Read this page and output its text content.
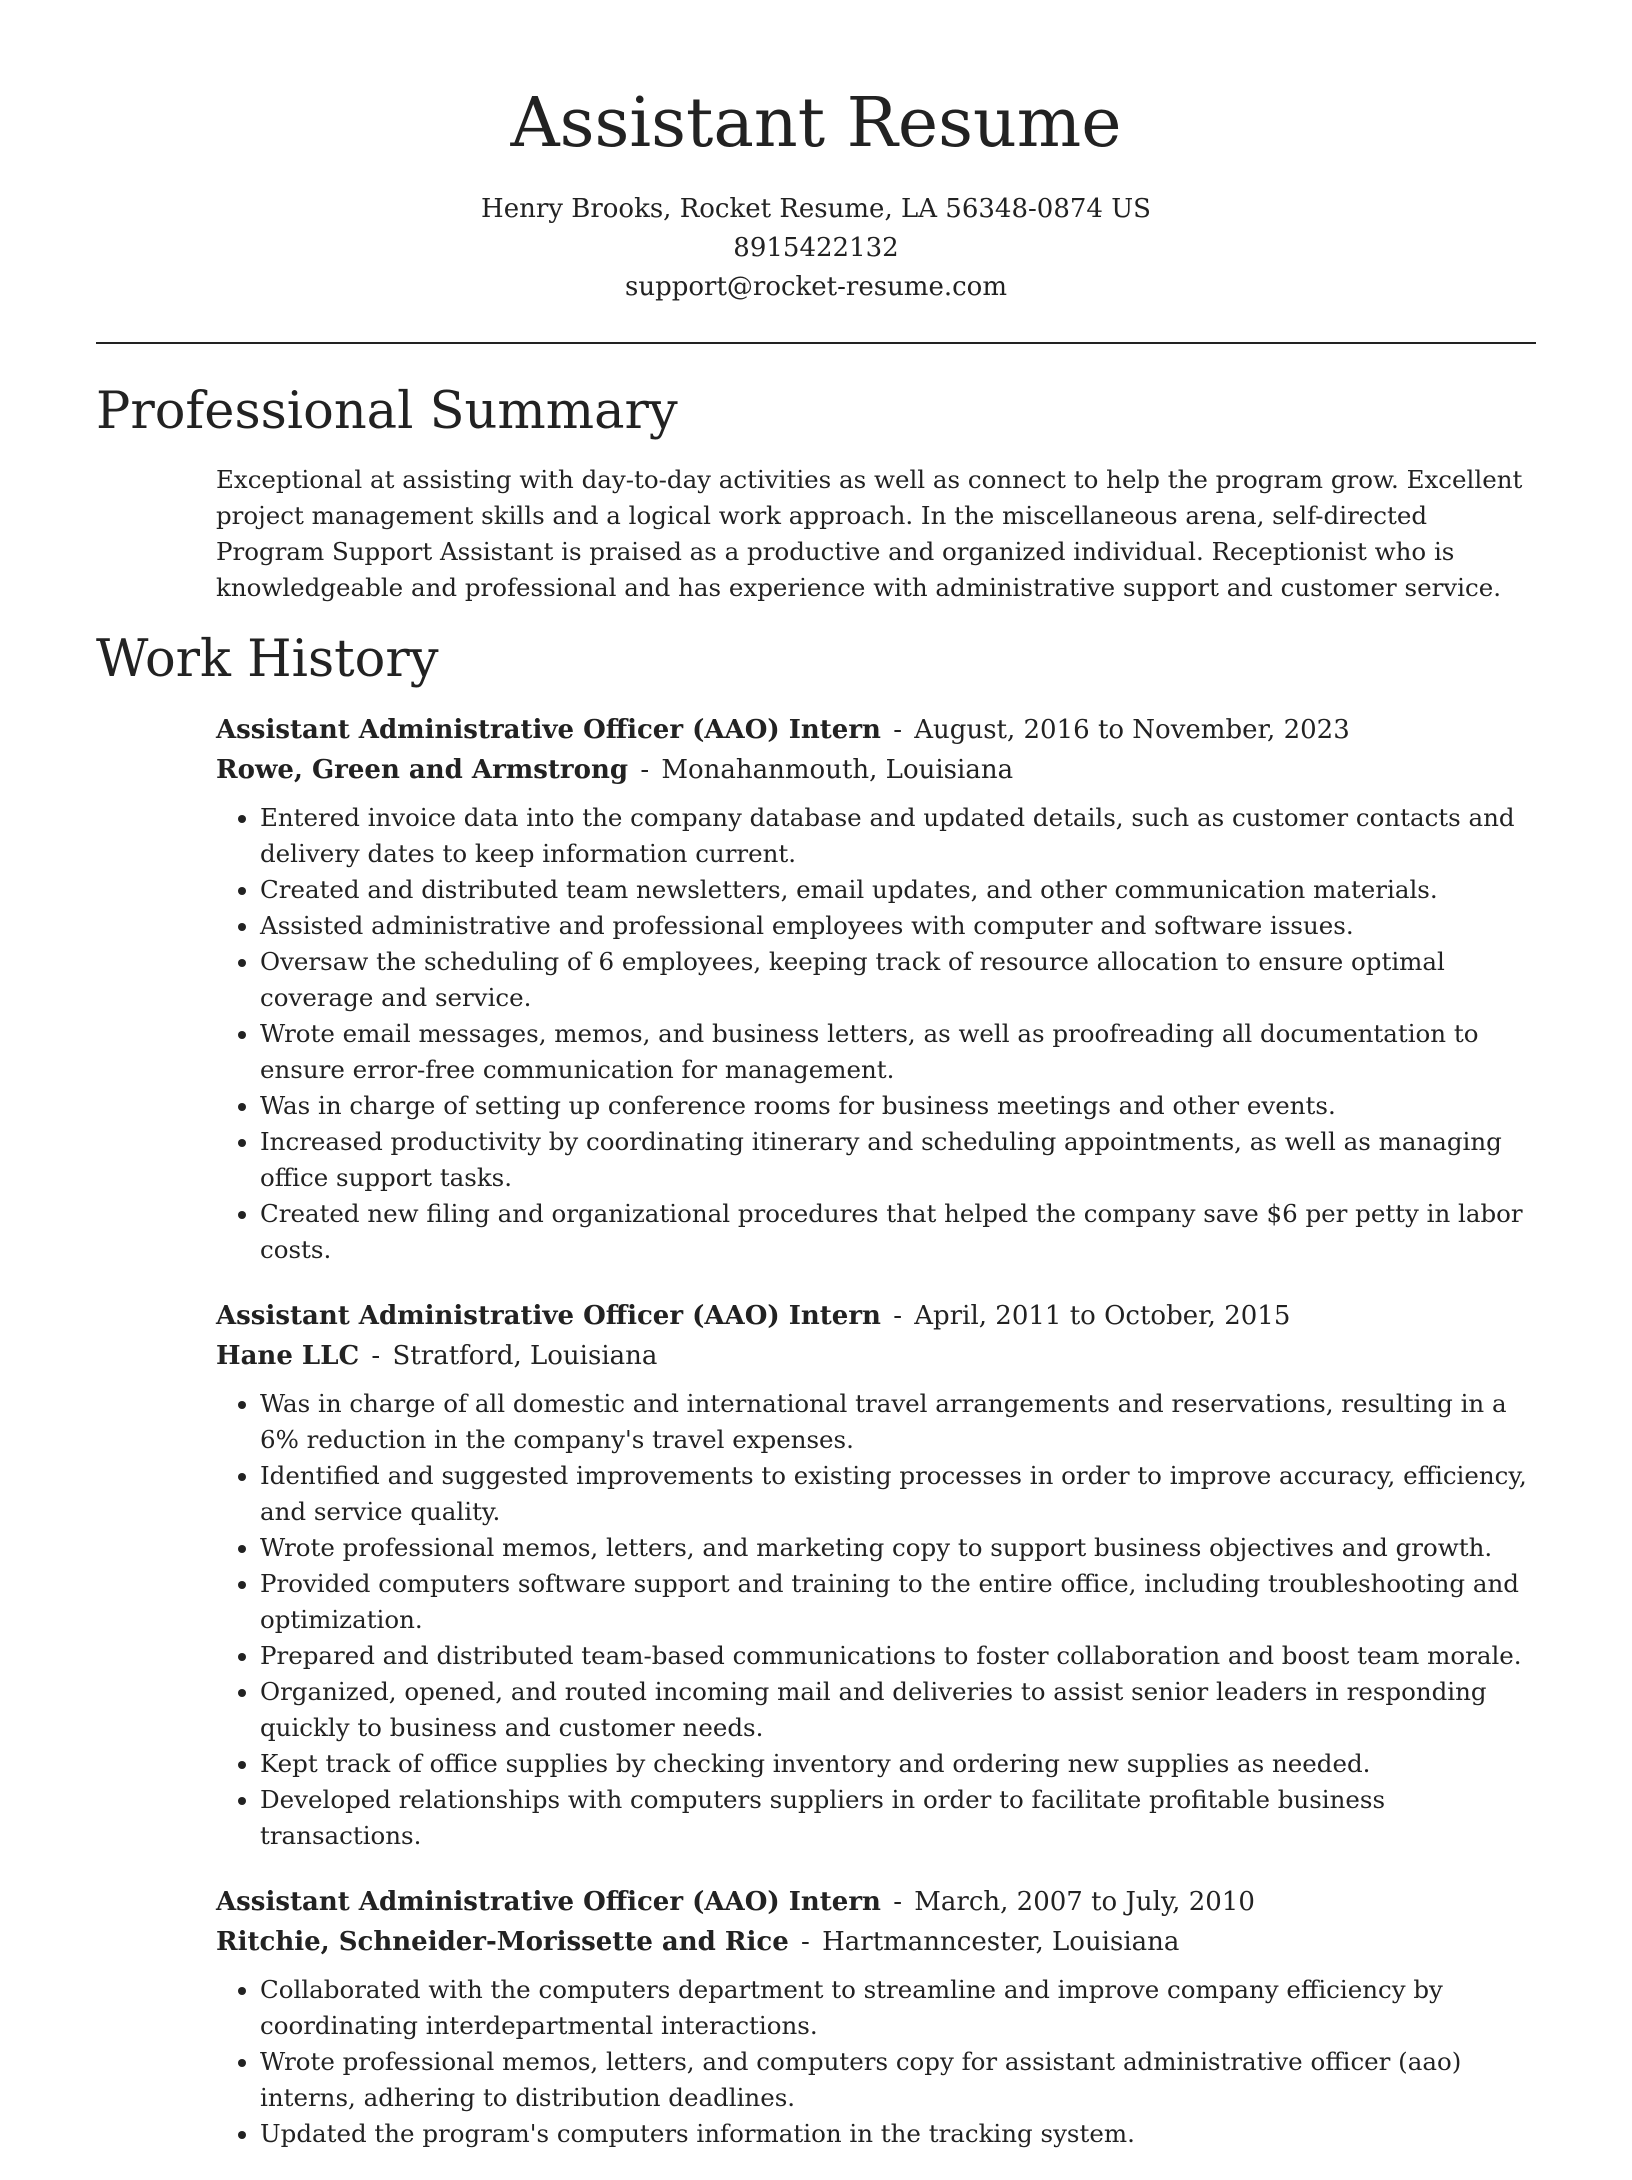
Assistant Resume
Henry Brooks, Rocket Resume, LA 56348-0874 US
8915422132
support@rocket-resume.com
Professional Summary

Exceptional at assisting with day-to-day activities as well as connect to help the program grow. Excellent project management skills and a logical work approach. In the miscellaneous arena, self-directed Program Support Assistant is praised as a productive and organized individual. Receptionist who is knowledgeable and professional and has experience with administrative support and customer service.

Work History
Assistant Administrative Officer (AAO) Intern - August, 2016 to November, 2023
Rowe, Green and Armstrong - Monahanmouth, Louisiana
• Entered invoice data into the company database and updated details, such as customer contacts and delivery dates to keep information current.
• Created and distributed team newsletters, email updates, and other communication materials.
• Assisted administrative and professional employees with computer and software issues.
• Oversaw the scheduling of 6 employees, keeping track of resource allocation to ensure optimal coverage and service.
• Wrote email messages, memos, and business letters, as well as proofreading all documentation to ensure error-free communication for management.
• Was in charge of setting up conference rooms for business meetings and other events.
• Increased productivity by coordinating itinerary and scheduling appointments, as well as managing office support tasks.
• Created new filing and organizational procedures that helped the company save $6 per petty in labor costs.
Assistant Administrative Officer (AAO) Intern - April, 2011 to October, 2015
Hane LLC - Stratford, Louisiana
• Was in charge of all domestic and international travel arrangements and reservations, resulting in a 6% reduction in the company's travel expenses.
• Identified and suggested improvements to existing processes in order to improve accuracy, efficiency, and service quality.
• Wrote professional memos, letters, and marketing copy to support business objectives and growth.
• Provided computers software support and training to the entire office, including troubleshooting and optimization.
• Prepared and distributed team-based communications to foster collaboration and boost team morale.
• Organized, opened, and routed incoming mail and deliveries to assist senior leaders in responding quickly to business and customer needs.
• Kept track of office supplies by checking inventory and ordering new supplies as needed.
• Developed relationships with computers suppliers in order to facilitate profitable business transactions.
Assistant Administrative Officer (AAO) Intern - March, 2007 to July, 2010
Ritchie, Schneider-Morissette and Rice - Hartmanncester, Louisiana
• Collaborated with the computers department to streamline and improve company efficiency by coordinating interdepartmental interactions.
• Wrote professional memos, letters, and computers copy for assistant administrative officer (aao) interns, adhering to distribution deadlines.
• Updated the program's computers information in the tracking system.
